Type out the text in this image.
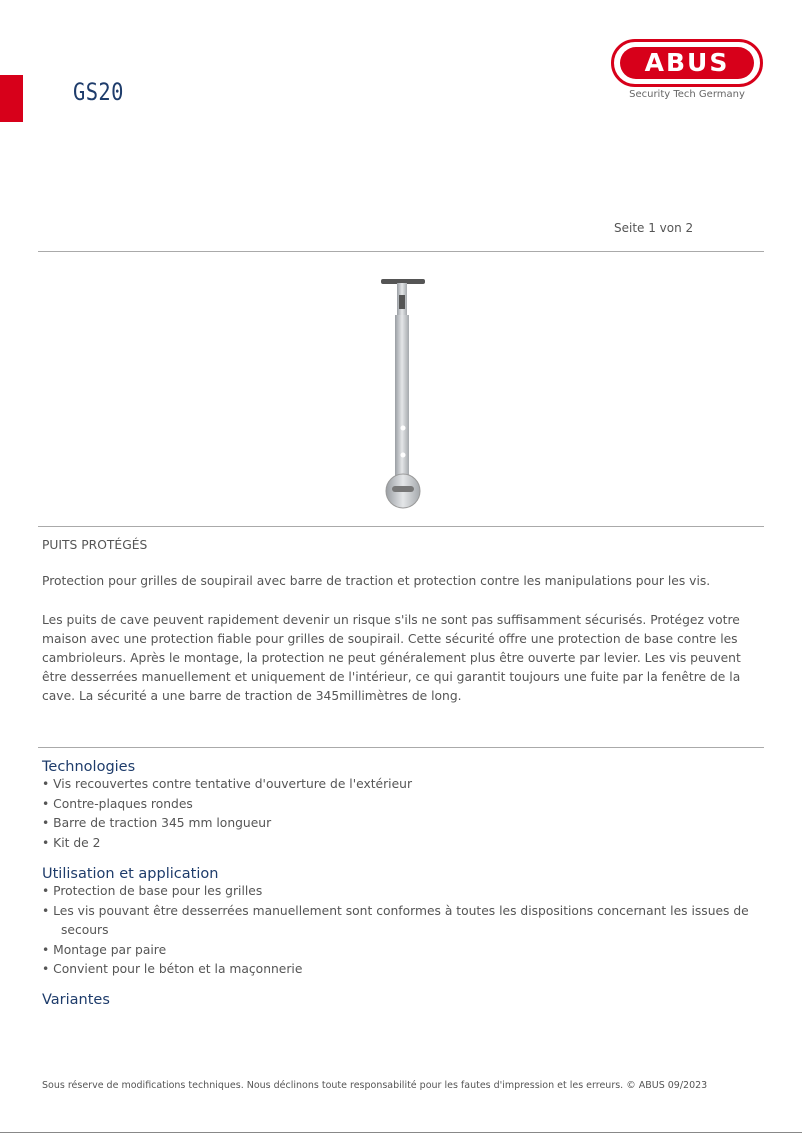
GS20
ABUS
Security Tech Germany
Seite 1 von 2
PUITS PROTÉGÉS
Protection pour grilles de soupirail avec barre de traction et protection contre les manipulations pour les vis.
Les puits de cave peuvent rapidement devenir un risque s'ils ne sont pas suffisamment sécurisés. Protégez votre maison avec une protection fiable pour grilles de soupirail. Cette sécurité offre une protection de base contre les cambrioleurs. Après le montage, la protection ne peut généralement plus être ouverte par levier. Les vis peuvent être desserrées manuellement et uniquement de l'intérieur, ce qui garantit toujours une fuite par la fenêtre de la cave. La sécurité a une barre de traction de 345millimètres de long.
Technologies
• Vis recouvertes contre tentative d'ouverture de l'extérieur
• Contre-plaques rondes
• Barre de traction 345 mm longueur
• Kit de 2
Utilisation et application
• Protection de base pour les grilles
• Les vis pouvant être desserrées manuellement sont conformes à toutes les dispositions concernant les issues de secours
• Montage par paire
• Convient pour le béton et la maçonnerie
Variantes
Sous réserve de modifications techniques. Nous déclinons toute responsabilité pour les fautes d'impression et les erreurs. © ABUS 09/2023
